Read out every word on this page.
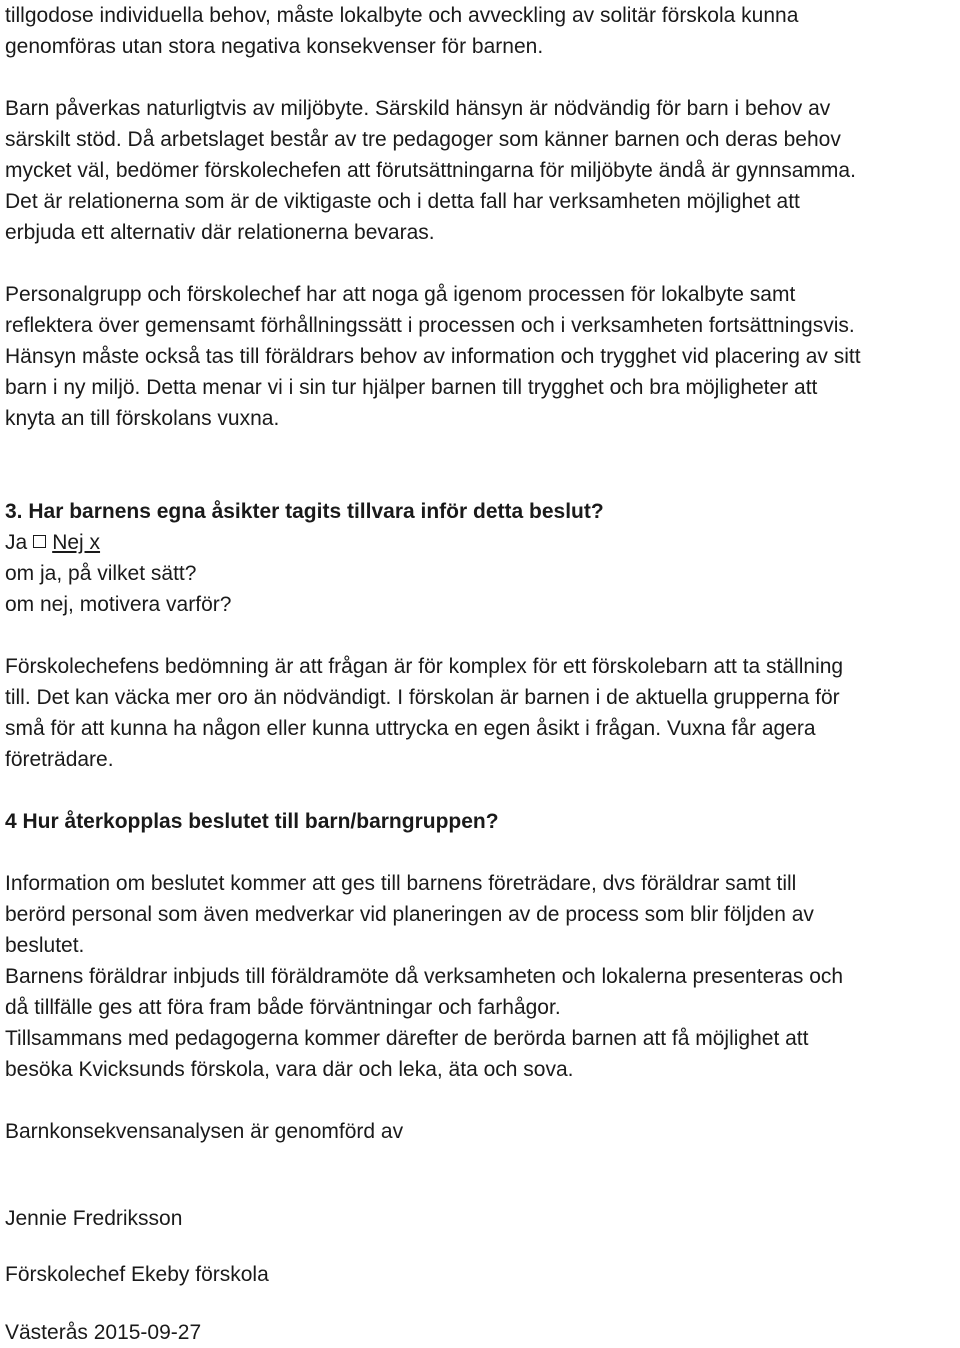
tillgodose individuella behov, måste lokalbyte och avveckling av solitär förskola kunna
genomföras utan stora negativa konsekvenser för barnen.
Barn påverkas naturligtvis av miljöbyte. Särskild hänsyn är nödvändig för barn i behov av
särskilt stöd. Då arbetslaget består av tre pedagoger som känner barnen och deras behov
mycket väl, bedömer förskolechefen att förutsättningarna för miljöbyte ändå är gynnsamma.
Det är relationerna som är de viktigaste och i detta fall har verksamheten möjlighet att
erbjuda ett alternativ där relationerna bevaras.
Personalgrupp och förskolechef har att noga gå igenom processen för lokalbyte samt
reflektera över gemensamt förhållningssätt i processen och i verksamheten fortsättningsvis.
Hänsyn måste också tas till föräldrars behov av information och trygghet vid placering av sitt
barn i ny miljö. Detta menar vi i sin tur hjälper barnen till trygghet och bra möjligheter att
knyta an till förskolans vuxna.
3. Har barnens egna åsikter tagits tillvara inför detta beslut?
Ja Nej x
om ja, på vilket sätt?
om nej, motivera varför?
Förskolechefens bedömning är att frågan är för komplex för ett förskolebarn att ta ställning
till. Det kan väcka mer oro än nödvändigt. I förskolan är barnen i de aktuella grupperna för
små för att kunna ha någon eller kunna uttrycka en egen åsikt i frågan. Vuxna får agera
företrädare.
4 Hur återkopplas beslutet till barn/barngruppen?
Information om beslutet kommer att ges till barnens företrädare, dvs föräldrar samt till
berörd personal som även medverkar vid planeringen av de process som blir följden av
beslutet.
Barnens föräldrar inbjuds till föräldramöte då verksamheten och lokalerna presenteras och
då tillfälle ges att föra fram både förväntningar och farhågor.
Tillsammans med pedagogerna kommer därefter de berörda barnen att få möjlighet att
besöka Kvicksunds förskola, vara där och leka, äta och sova.
Barnkonsekvensanalysen är genomförd av
Jennie Fredriksson
Förskolechef Ekeby förskola
Västerås 2015-09-27
